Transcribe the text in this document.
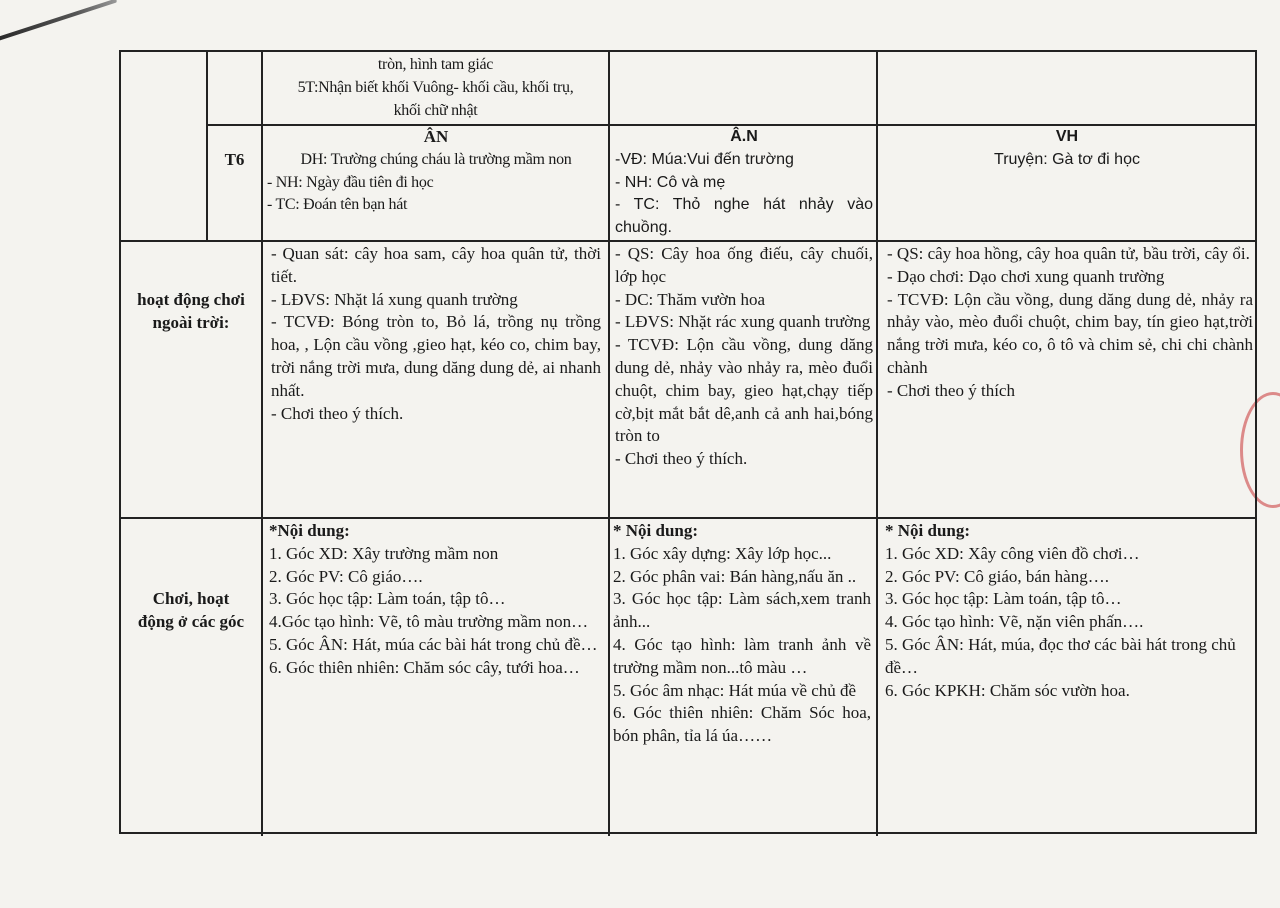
tròn, hình tam giác
5T:Nhận biết khối Vuông- khối cầu, khối trụ,
khối chữ nhật
T6
ÂN
DH: Trường chúng cháu là trường mầm non
- NH: Ngày đầu tiên đi học
- TC: Đoán tên bạn hát
Â.N
-VĐ: Múa:Vui đến trường
- NH: Cô và mẹ
- TC: Thỏ nghe hát nhảy vào chuồng.
VH
Truyện: Gà tơ đi học
hoạt động chơi ngoài trời:
- Quan sát: cây hoa sam, cây hoa quân tử, thời tiết.
- LĐVS: Nhặt lá xung quanh trường
- TCVĐ: Bóng tròn to, Bỏ lá, trồng nụ trồng hoa, , Lộn cầu vồng ,gieo hạt, kéo co, chim bay, trời nắng trời mưa, dung dăng dung dẻ, ai nhanh nhất.
- Chơi theo ý thích.
- QS: Cây hoa ống điếu, cây chuối, lớp học
- DC: Thăm vườn hoa
- LĐVS: Nhặt rác xung quanh trường
- TCVĐ: Lộn cầu vồng, dung dăng dung dẻ, nhảy vào nhảy ra, mèo đuổi chuột, chim bay, gieo hạt,chạy tiếp cờ,bịt mắt bắt dê,anh cả anh hai,bóng tròn to
- Chơi theo ý thích.
- QS: cây hoa hồng, cây hoa quân tử, bầu trời, cây ổi.
- Dạo chơi: Dạo chơi xung quanh trường
- TCVĐ: Lộn cầu vồng, dung dăng dung dẻ, nhảy ra nhảy vào, mèo đuổi chuột, chim bay, tín gieo hạt,trời nắng trời mưa, kéo co, ô tô và chim sẻ, chi chi chành chành
- Chơi theo ý thích
Chơi, hoạt động ở các góc
*Nội dung:
1. Góc XD: Xây trường mầm non
2. Góc PV: Cô giáo….
3. Góc học tập: Làm toán, tập tô…
4.Góc tạo hình: Vẽ, tô màu trường mầm non…
5. Góc ÂN: Hát, múa các bài hát trong chủ đề…
6. Góc thiên nhiên: Chăm sóc cây, tưới hoa…
* Nội dung:
1. Góc xây dựng: Xây lớp học...
2. Góc phân vai: Bán hàng,nấu ăn ..
3. Góc học tập: Làm sách,xem tranh ảnh...
4. Góc tạo hình: làm tranh ảnh về trường mầm non...tô màu …
5. Góc âm nhạc: Hát múa về chủ đề
6. Góc thiên nhiên: Chăm Sóc hoa, bón phân, tỉa lá úa……
* Nội dung:
1. Góc XD: Xây công viên đồ chơi…
2. Góc PV: Cô giáo, bán hàng….
3. Góc học tập: Làm toán, tập tô…
4. Góc tạo hình: Vẽ, nặn viên phấn….
5. Góc ÂN: Hát, múa, đọc thơ các bài hát trong chủ đề…
6. Góc KPKH: Chăm sóc vườn hoa.
